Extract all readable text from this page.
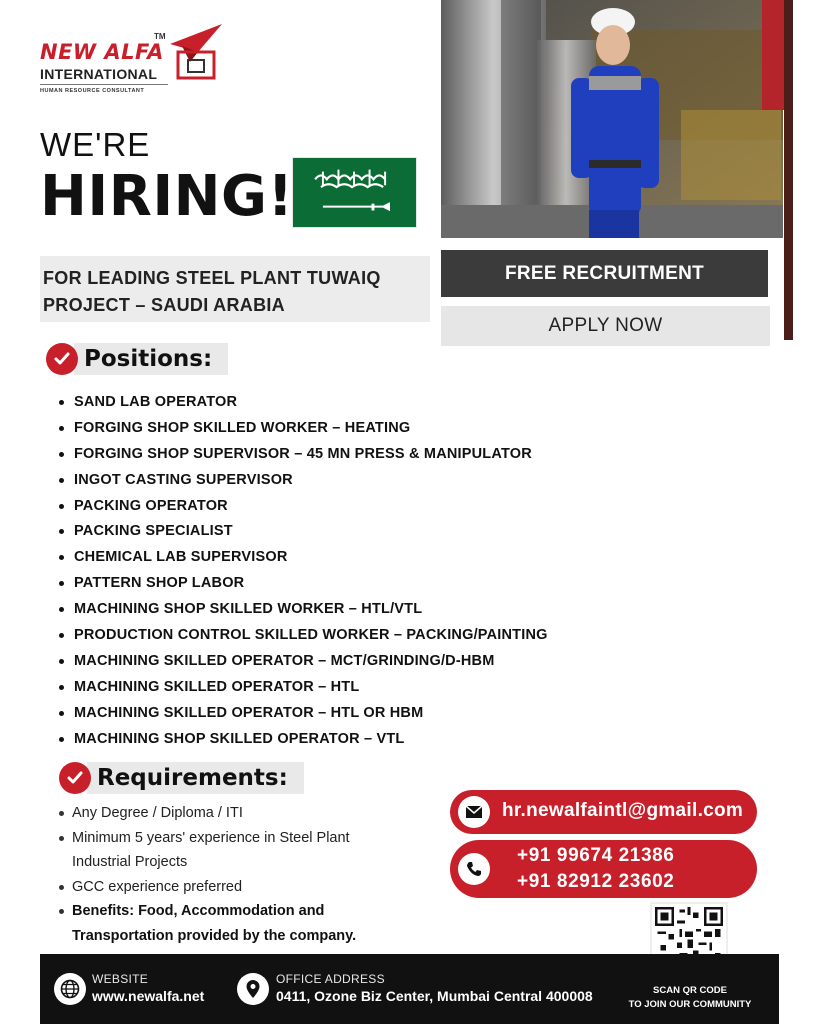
NEW ALFA
TM
INTERNATIONAL
HUMAN RESOURCE CONSULTANT
WE'RE
HIRING!
FOR LEADING STEEL PLANT TUWAIQ
PROJECT – SAUDI ARABIA
FREE RECRUITMENT
APPLY NOW
Positions:
SAND LAB OPERATOR
FORGING SHOP SKILLED WORKER – HEATING
FORGING SHOP SUPERVISOR – 45 MN PRESS & MANIPULATOR
INGOT CASTING SUPERVISOR
PACKING OPERATOR
PACKING SPECIALIST
CHEMICAL LAB SUPERVISOR
PATTERN SHOP LABOR
MACHINING SHOP SKILLED WORKER – HTL/VTL
PRODUCTION CONTROL SKILLED WORKER – PACKING/PAINTING
MACHINING SKILLED OPERATOR – MCT/GRINDING/D-HBM
MACHINING SKILLED OPERATOR – HTL
MACHINING SKILLED OPERATOR – HTL OR HBM
MACHINING SHOP SKILLED OPERATOR – VTL
Requirements:
Any Degree / Diploma / ITI
Minimum 5 years' experience in Steel Plant Industrial Projects
GCC experience preferred
Benefits: Food, Accommodation and Transportation provided by the company.
hr.newalfaintl@gmail.com
+91 99674 21386
+91 82912 23602
WEBSITE
www.newalfa.net
OFFICE ADDRESS
0411, Ozone Biz Center, Mumbai Central 400008	SCAN QR CODE
TO JOIN OUR COMMUNITY
